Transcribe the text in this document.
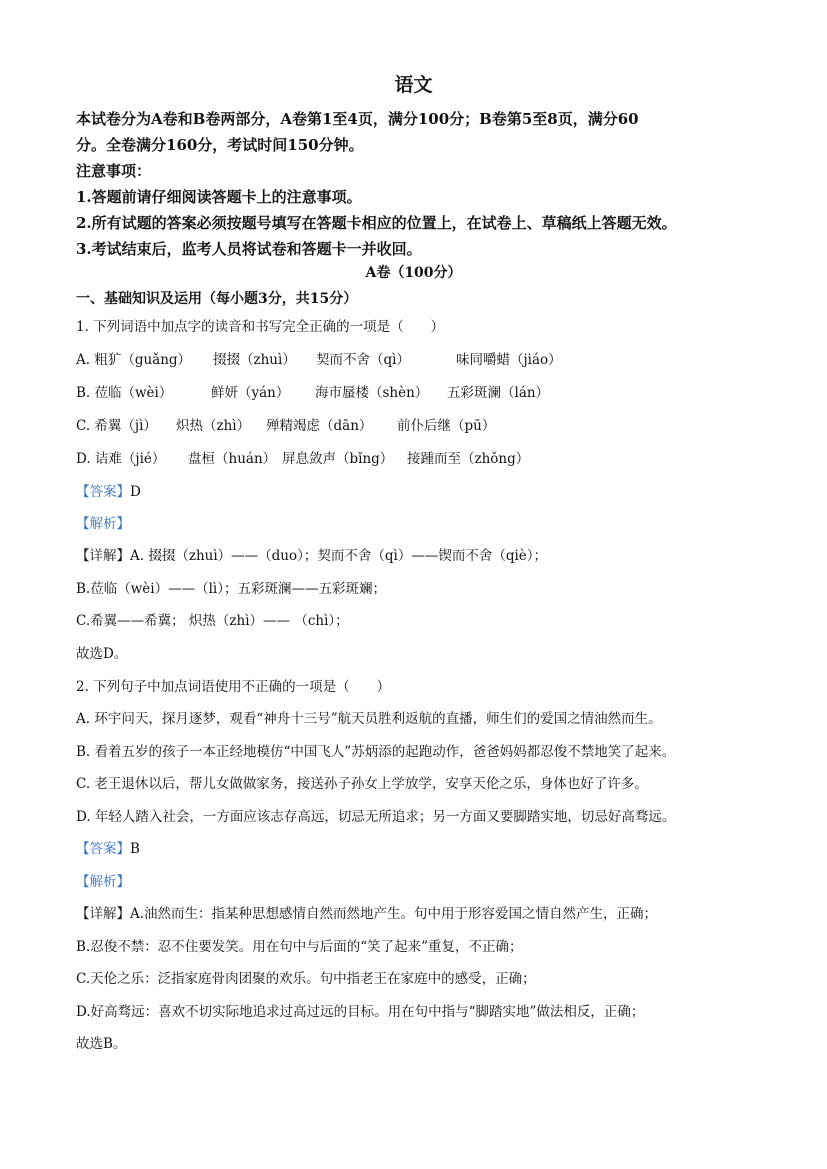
语文
本试卷分为A卷和B卷两部分，A卷第1至4页，满分100分；B卷第5至8页，满分60
分。全卷满分160分，考试时间150分钟。
注意事项：
1.答题前请仔细阅读答题卡上的注意事项。
2.所有试题的答案必须按题号填写在答题卡相应的位置上，在试卷上、草稿纸上答题无效。
3.考试结束后，监考人员将试卷和答题卡一并收回。
A卷（100分）
一、基础知识及运用（每小题3分，共15分）
1. 下列词语中加点字的读音和书写完全正确的一项是（　　）
A. 粗犷（guǎng） 掇掇（zhuì） 契而不舍（qì）	味同嚼蜡（jiáo）
B. 莅临（wèi）	鲜妍（yán） 海市蜃楼（shèn） 五彩斑澜（lán）
C. 希翼（jì） 炽热（zhì） 殚精竭虑（dān） 前仆后继（pū）
D. 诘难（jié） 盘桓（huán） 屏息敛声（bǐng） 接踵而至（zhǒng）
【答案】D
【解析】
【详解】A. 掇掇（zhuì）——（duo）；契而不舍（qì）——锲而不舍（qiè）；
B.莅临（wèi）——（lì）；五彩斑澜——五彩斑斓；
C.希翼——希冀； 炽热（zhì）—— （chì）；
故选D。
2. 下列句子中加点词语使用不正确的一项是（　　）
A. 环宇问天，探月逐梦，观看“神舟十三号”航天员胜利返航的直播，师生们的爱国之情油然而生。
B. 看着五岁的孩子一本正经地模仿“中国飞人”苏炳添的起跑动作，爸爸妈妈都忍俊不禁地笑了起来。
C. 老王退休以后，帮儿女做做家务，接送孙子孙女上学放学，安享天伦之乐，身体也好了许多。
D. 年轻人踏入社会，一方面应该志存高远，切忌无所追求；另一方面又要脚踏实地，切忌好高骛远。
【答案】B
【解析】
【详解】A.油然而生：指某种思想感情自然而然地产生。句中用于形容爱国之情自然产生，正确；
B.忍俊不禁：忍不住要发笑。用在句中与后面的“笑了起来”重复，不正确；
C.天伦之乐：泛指家庭骨肉团聚的欢乐。句中指老王在家庭中的感受，正确；
D.好高骛远：喜欢不切实际地追求过高过远的目标。用在句中指与“脚踏实地”做法相反，正确；
故选B。
